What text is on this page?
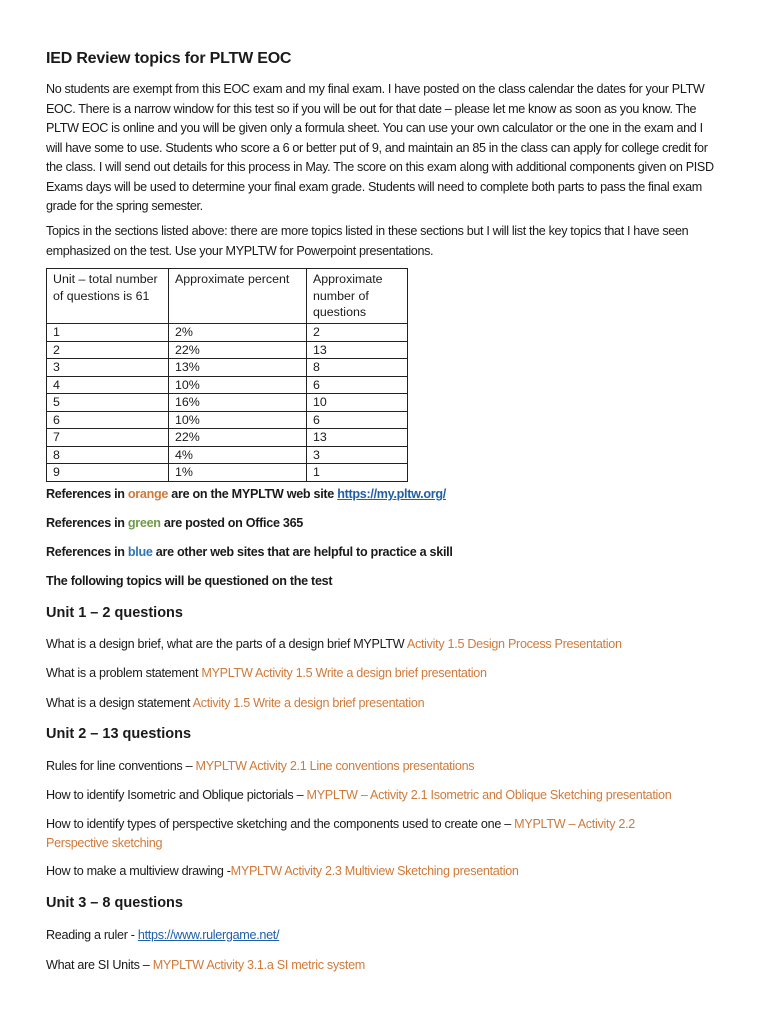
IED Review topics for PLTW EOC
No students are exempt from this EOC exam and my final exam. I have posted on the class calendar the dates for your PLTW EOC. There is a narrow window for this test so if you will be out for that date – please let me know as soon as you know. The PLTW EOC is online and you will be given only a formula sheet. You can use your own calculator or the one in the exam and I will have some to use. Students who score a 6 or better put of 9, and maintain an 85 in the class can apply for college credit for the class. I will send out details for this process in May. The score on this exam along with additional components given on PISD Exams days will be used to determine your final exam grade. Students will need to complete both parts to pass the final exam grade for the spring semester.
Topics in the sections listed above: there are more topics listed in these sections but I will list the key topics that I have seen emphasized on the test. Use your MYPLTW for Powerpoint presentations.
Unit – total number of questions is 61	Approximate percent	Approximate number of questions
1	2%	2
2	22%	13
3	13%	8
4	10%	6
5	16%	10
6	10%	6
7	22%	13
8	4%	3
9	1%	1
References in orange are on the MYPLTW web site https://my.pltw.org/
References in green are posted on Office 365
References in blue are other web sites that are helpful to practice a skill
The following topics will be questioned on the test
Unit 1 – 2 questions
What is a design brief, what are the parts of a design brief MYPLTW Activity 1.5 Design Process Presentation
What is a problem statement MYPLTW Activity 1.5 Write a design brief presentation
What is a design statement Activity 1.5 Write a design brief presentation
Unit 2 – 13 questions
Rules for line conventions – MYPLTW Activity 2.1 Line conventions presentations
How to identify Isometric and Oblique pictorials – MYPLTW – Activity 2.1 Isometric and Oblique Sketching presentation
How to identify types of perspective sketching and the components used to create one – MYPLTW – Activity 2.2
Perspective sketching
How to make a multiview drawing -MYPLTW Activity 2.3 Multiview Sketching presentation
Unit 3 – 8 questions
Reading a ruler - https://www.rulergame.net/
What are SI Units – MYPLTW Activity 3.1.a SI metric system
